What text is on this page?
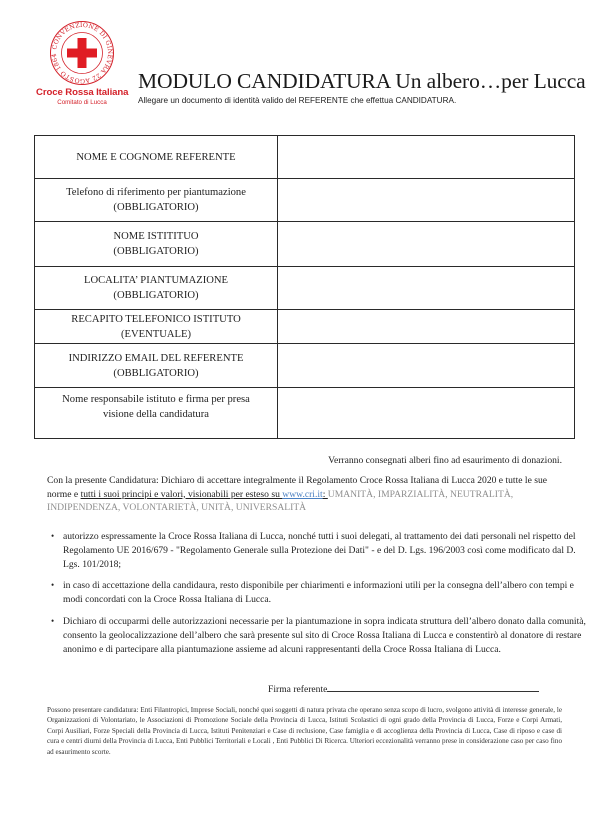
CONVENZIONE DI GINEVRA 22 AGOSTO 1864
Croce Rossa Italiana
Comitato di Lucca
MODULO CANDIDATURA Un albero…per Lucca
Allegare un documento di identità valido del REFERENTE che effettua CANDIDATURA.
NOME E COGNOME REFERENTE	
Telefono di riferimento per piantumazione
(OBBLIGATORIO)	
NOME ISTITITUO
(OBBLIGATORIO)	
LOCALITA’ PIANTUMAZIONE
(OBBLIGATORIO)	
RECAPITO TELEFONICO ISTITUTO
(EVENTUALE)	
INDIRIZZO EMAIL DEL REFERENTE
(OBBLIGATORIO)	
Nome responsabile istituto e firma per presa
visione della candidatura	
Verranno consegnati alberi fino ad esaurimento di donazioni.
Con la presente Candidatura: Dichiaro di accettare integralmente il Regolamento Croce Rossa Italiana di Lucca 2020 e tutte le sue norme e tutti i suoi principi e valori, visionabili per esteso su www.cri.it: UMANITÀ, IMPARZIALITÀ, NEUTRALITÀ, INDIPENDENZA, VOLONTARIETÀ, UNITÀ, UNIVERSALITÀ
• autorizzo espressamente la Croce Rossa Italiana di Lucca, nonché tutti i suoi delegati, al trattamento dei dati personali nel rispetto del Regolamento UE 2016/679 - "Regolamento Generale sulla Protezione dei Dati" - e del D. Lgs. 196/2003 così come modificato dal D. Lgs. 101/2018;
• in caso di accettazione della candidaura, resto disponibile per chiarimenti e informazioni utili per la consegna dell’albero con tempi e modi concordati con la Croce Rossa Italiana di Lucca.
• Dichiaro di occuparmi delle autorizzazioni necessarie per la piantumazione in sopra indicata struttura dell’albero donato dalla comunità, consento la geolocalizzazione dell’albero che sarà presente sul sito di Croce Rossa Italiana di Lucca e constentirò al donatore di restare anonimo e di partecipare alla piantumazione assieme ad alcuni rappresentanti della Croce Rossa Italiana di Lucca.
Firma referente
Possono presentare candidatura: Enti Filantropici, Imprese Sociali, nonché quei soggetti di natura privata che operano senza scopo di lucro, svolgono attività di interesse generale, le Organizzazioni di Volontariato, le Associazioni di Promozione Sociale della Provincia di Lucca, Istituti Scolastici di ogni grado della Provincia di Lucca, Forze e Corpi Armati, Corpi Ausiliari, Forze Speciali della Provincia di Lucca, Istituti Penitenziari e Case di reclusione, Case famiglia e di accoglienza della Provincia di Lucca, Case di riposo e case di cura e centri diurni della Provincia di Lucca, Enti Pubblici Territoriali e Locali , Enti Pubblici Di Ricerca. Ulteriori eccezionalità verranno prese in considerazione caso per caso fino ad esaurimento scorte.
